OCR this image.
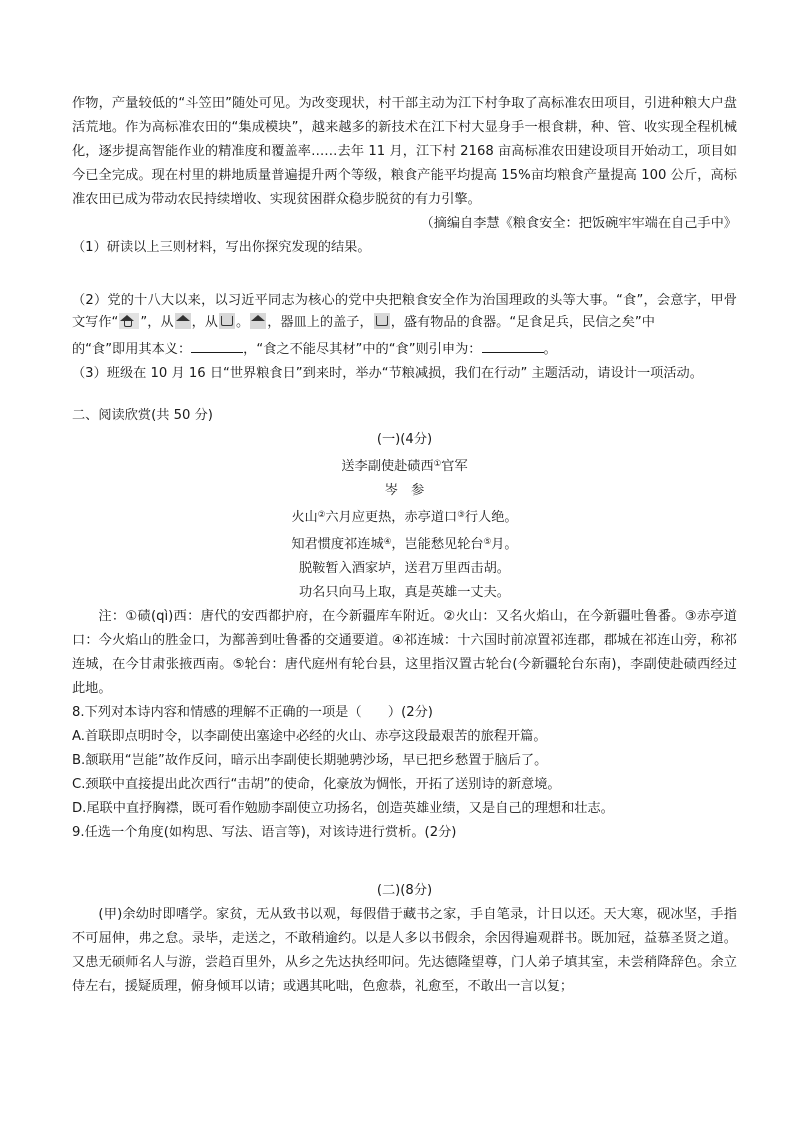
作物，产量较低的“斗笠田”随处可见。为改变现状，村干部主动为江下村争取了高标准农田项目，引进种粮大户盘活荒地。作为高标准农田的“集成模块”，越来越多的新技术在江下村大显身手一根食耕，种、管、收实现全程机械化，逐步提高智能作业的精准度和覆盖率……去年 11 月，江下村 2168 亩高标准农田建设项目开始动工，项目如今已全完成。现在村里的耕地质量普遍提升两个等级，粮食产能平均提高 15%亩均粮食产量提高 100 公斤，高标准农田已成为带动农民持续增收、实现贫困群众稳步脱贫的有力引擎。

（摘编自李慧《粮食安全：把饭碗牢牢端在自己手中》

（1）研读以上三则材料，写出你探究发现的结果。

（2）党的十八大以来，以习近平同志为核心的党中央把粮食安全作为治国理政的头等大事。“食”，会意字，甲骨文写作“ ”，从 ，从 。 ，器皿上的盖子， ，盛有物品的食器。“足食足兵，民信之矣”中

的“食”即用其本义：	，“食之不能尽其材”中的“食”则引申为：	。

（3）班级在 10 月 16 日“世界粮食日”到来时，举办“节粮减损，我们在行动” 主题活动，请设计一项活动。

二、阅读欣赏(共 50 分)

(一)(4分)

送李副使赴碛西①官军

岑　参

火山②六月应更热，赤亭道口③行人绝。

知君惯度祁连城④，岂能愁见轮台⑤月。

脱鞍暂入酒家垆，送君万里西击胡。

功名只向马上取，真是英雄一丈夫。

注：①碛(qì)西：唐代的安西都护府，在今新疆库车附近。②火山：又名火焰山，在今新疆吐鲁番。③赤亭道口：今火焰山的胜金口，为鄯善到吐鲁番的交通要道。④祁连城：十六国时前凉置祁连郡，郡城在祁连山旁，称祁连城，在今甘肃张掖西南。⑤轮台：唐代庭州有轮台县，这里指汉置古轮台(今新疆轮台东南)，李副使赴碛西经过此地。

8.下列对本诗内容和情感的理解不正确的一项是（　　）(2分)

A.首联即点明时令，以李副使出塞途中必经的火山、赤亭这段最艰苦的旅程开篇。

B.颔联用“岂能”故作反问，暗示出李副使长期驰骋沙场，早已把乡愁置于脑后了。

C.颈联中直接提出此次西行“击胡”的使命，化豪放为惆怅，开拓了送别诗的新意境。

D.尾联中直抒胸襟，既可看作勉励李副使立功扬名，创造英雄业绩，又是自己的理想和壮志。

9.任选一个角度(如构思、写法、语言等)，对该诗进行赏析。(2分)

(二)(8分)

(甲)余幼时即嗜学。家贫，无从致书以观，每假借于藏书之家，手自笔录，计日以还。天大寒，砚冰坚，手指不可屈伸，弗之怠。录毕，走送之，不敢稍逾约。以是人多以书假余，余因得遍观群书。既加冠，益慕圣贤之道。又患无硕师名人与游，尝趋百里外，从乡之先达执经叩问。先达德隆望尊，门人弟子填其室，未尝稍降辞色。余立侍左右，援疑质理，俯身倾耳以请；或遇其叱咄，色愈恭，礼愈至，不敢出一言以复；
